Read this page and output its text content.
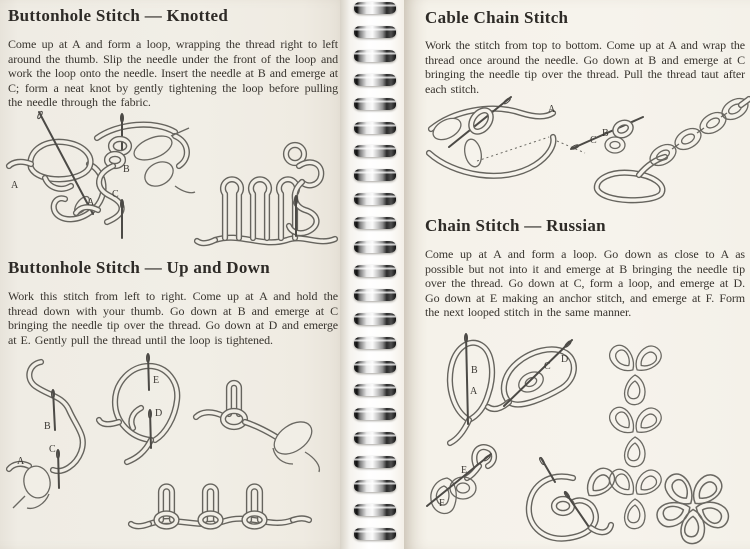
Buttonhole Stitch — Knotted

Come up at A and form a loop, wrapping the thread right to left around the thumb. Slip the needle under the front of the loop and work the loop onto the needle. Insert the needle at B and emerge at C; form a neat knot by gently tightening the loop before pulling the needle through the fabric.

A
B
A
C
Buttonhole Stitch — Up and Down

Work this stitch from left to right. Come up at A and hold the thread down with your thumb. Go down at B and emerge at C bringing the needle tip over the thread. Go down at D and emerge at E. Gently pull the thread until the loop is tightened.

B
A
C
E
D
Cable Chain Stitch

Work the stitch from top to bottom. Come up at A and wrap the thread once around the needle. Go down at B and emerge at C bringing the needle tip over the thread. Pull the thread taut after each stitch.

A
B
C
Chain Stitch — Russian

Come up at A and form a loop. Go down as close to A as possible but not into it and emerge at B bringing the needle tip over the thread. Go down at C, form a loop, and emerge at D. Go down at E making an anchor stitch, and emerge at F. Form the next looped stitch in the same manner.

B
A
C
D
E
F
